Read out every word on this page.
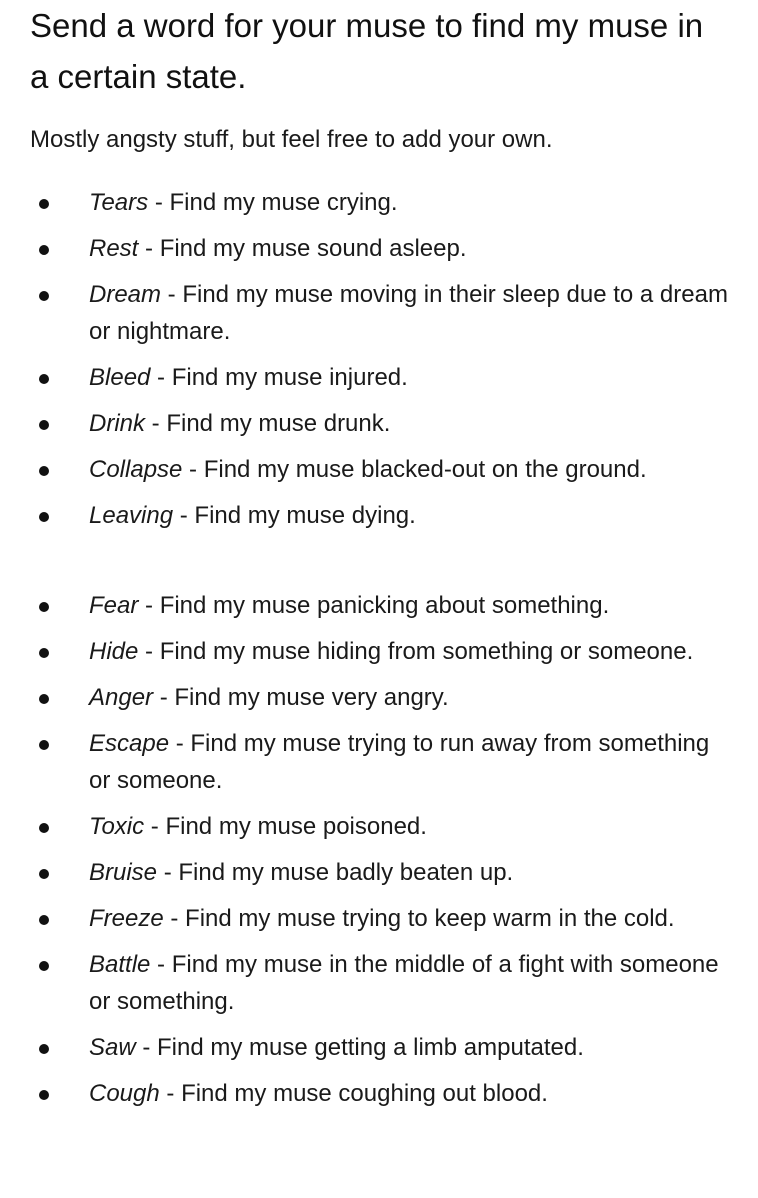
Send a word for your muse to find my muse in a certain state.

Mostly angsty stuff, but feel free to add your own.

Tears - Find my muse crying.
Rest - Find my muse sound asleep.
Dream - Find my muse moving in their sleep due to a dream or nightmare.
Bleed - Find my muse injured.
Drink - Find my muse drunk.
Collapse - Find my muse blacked-out on the ground.
Leaving - Find my muse dying.
Fear - Find my muse panicking about something.
Hide - Find my muse hiding from something or someone.
Anger - Find my muse very angry.
Escape - Find my muse trying to run away from something or someone.
Toxic - Find my muse poisoned.
Bruise - Find my muse badly beaten up.
Freeze - Find my muse trying to keep warm in the cold.
Battle - Find my muse in the middle of a fight with someone or something.
Saw - Find my muse getting a limb amputated.
Cough - Find my muse coughing out blood.
